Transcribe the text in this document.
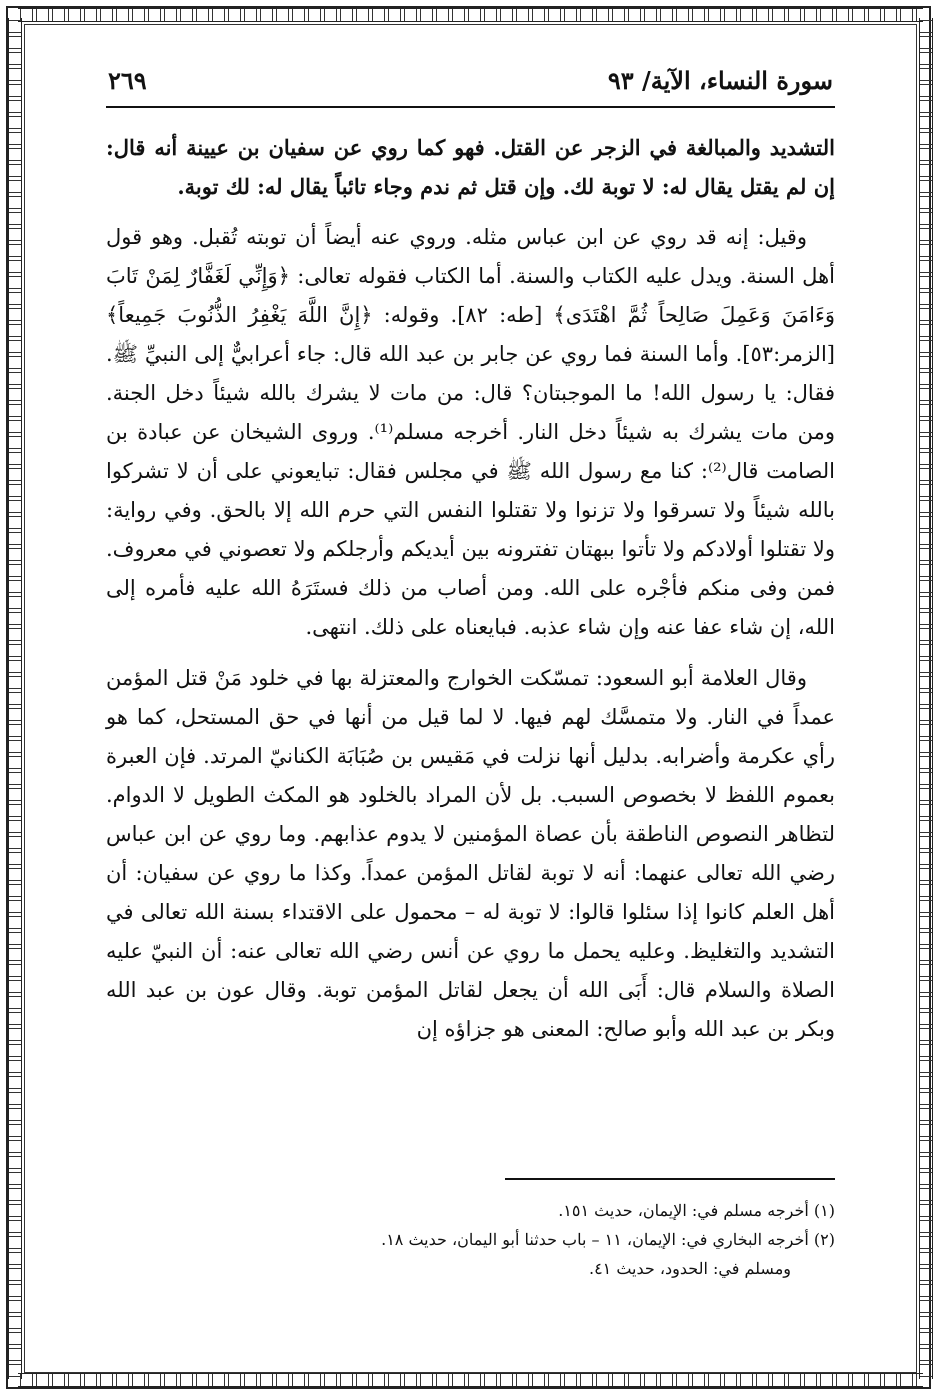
سورة النساء، الآية/ ٩٣
٢٦٩

التشديد والمبالغة في الزجر عن القتل. فهو كما روي عن سفيان بن عيينة أنه قال: إن لم يقتل يقال له: لا توبة لك. وإن قتل ثم ندم وجاء تائباً يقال له: لك توبة.

وقيل: إنه قد روي عن ابن عباس مثله. وروي عنه أيضاً أن توبته تُقبل. وهو قول أهل السنة. ويدل عليه الكتاب والسنة. أما الكتاب فقوله تعالى: ﴿وَإِنِّي لَغَفَّارٌ لِمَنْ تَابَ وَءَامَنَ وَعَمِلَ صَالِحاً ثُمَّ اهْتَدَى﴾ [طه: ٨٢]. وقوله: ﴿إِنَّ اللَّهَ يَغْفِرُ الذُّنُوبَ جَمِيعاً﴾ [الزمر:٥٣]. وأما السنة فما روي عن جابر بن عبد الله قال: جاء أعرابيٌّ إلى النبيِّ ﷺ. فقال: يا رسول الله! ما الموجبتان؟ قال: من مات لا يشرك بالله شيئاً دخل الجنة. ومن مات يشرك به شيئاً دخل النار. أخرجه مسلم⁽¹⁾. وروى الشيخان عن عبادة بن الصامت قال⁽²⁾: كنا مع رسول الله ﷺ في مجلس فقال: تبايعوني على أن لا تشركوا بالله شيئاً ولا تسرقوا ولا تزنوا ولا تقتلوا النفس التي حرم الله إلا بالحق. وفي رواية: ولا تقتلوا أولادكم ولا تأتوا ببهتان تفترونه بين أيديكم وأرجلكم ولا تعصوني في معروف. فمن وفى منكم فأجْره على الله. ومن أصاب من ذلك فستَرَهُ الله عليه فأمره إلى الله، إن شاء عفا عنه وإن شاء عذبه. فبايعناه على ذلك. انتهى.

وقال العلامة أبو السعود: تمسّكت الخوارج والمعتزلة بها في خلود مَنْ قتل المؤمن عمداً في النار. ولا متمسَّك لهم فيها. لا لما قيل من أنها في حق المستحل، كما هو رأي عكرمة وأضرابه. بدليل أنها نزلت في مَقيس بن صُبَابَة الكنانيّ المرتد. فإن العبرة بعموم اللفظ لا بخصوص السبب. بل لأن المراد بالخلود هو المكث الطويل لا الدوام. لتظاهر النصوص الناطقة بأن عصاة المؤمنين لا يدوم عذابهم. وما روي عن ابن عباس رضي الله تعالى عنهما: أنه لا توبة لقاتل المؤمن عمداً. وكذا ما روي عن سفيان: أن أهل العلم كانوا إذا سئلوا قالوا: لا توبة له – محمول على الاقتداء بسنة الله تعالى في التشديد والتغليظ. وعليه يحمل ما روي عن أنس رضي الله تعالى عنه: أن النبيّ عليه الصلاة والسلام قال: أَبَى الله أن يجعل لقاتل المؤمن توبة. وقال عون بن عبد الله وبكر بن عبد الله وأبو صالح: المعنى هو جزاؤه إن

(١) أخرجه مسلم في: الإيمان، حديث ١٥١.

(٢) أخرجه البخاري في: الإيمان، ١١ – باب حدثنا أبو اليمان، حديث ١٨.

ومسلم في: الحدود، حديث ٤١.
